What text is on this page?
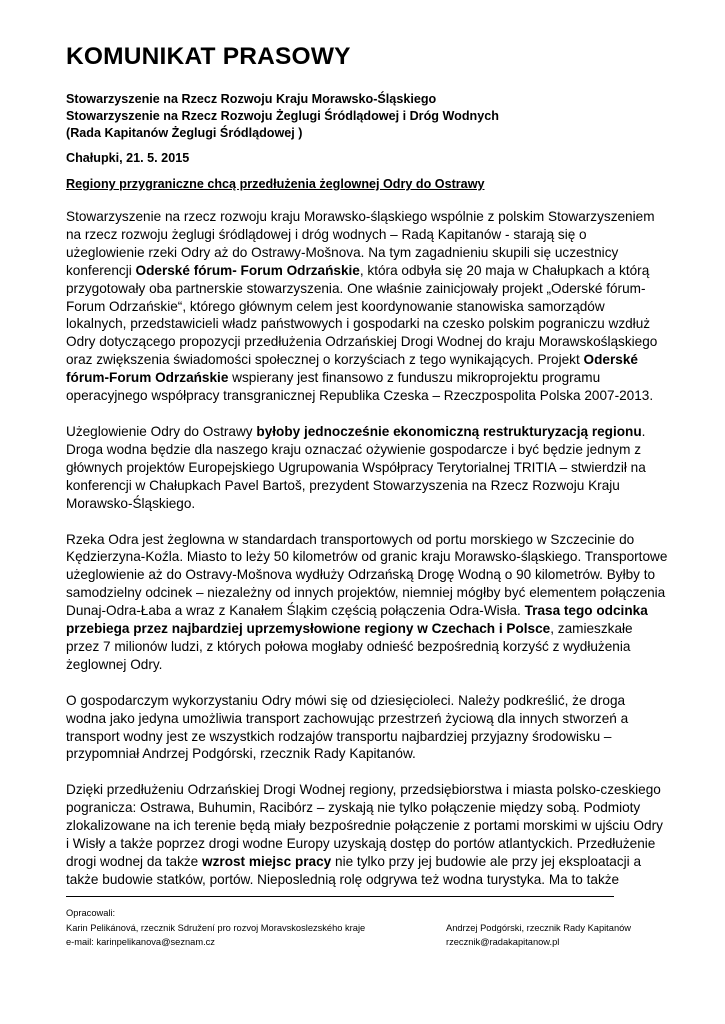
KOMUNIKAT PRASOWY
Stowarzyszenie na Rzecz Rozwoju Kraju Morawsko-Śląskiego
Stowarzyszenie na Rzecz Rozwoju Żeglugi Śródlądowej i Dróg Wodnych
(Rada Kapitanów Żeglugi Śródlądowej )
Chałupki, 21. 5. 2015
Regiony przygraniczne chcą przedłużenia żeglownej Odry do Ostrawy

Stowarzyszenie na rzecz rozwoju kraju Morawsko-śląskiego wspólnie z polskim Stowarzyszeniem na rzecz rozwoju żeglugi śródlądowej i dróg wodnych – Radą Kapitanów - starają się o użeglowienie rzeki Odry aż do Ostrawy-Mošnova. Na tym zagadnieniu skupili się uczestnicy konferencji Oderské fórum- Forum Odrzańskie, która odbyła się 20 maja w Chałupkach a którą przygotowały oba partnerskie stowarzyszenia. One właśnie zainicjowały projekt „Oderské fórum-Forum Odrzańskie“, którego głównym celem jest koordynowanie stanowiska samorządów lokalnych, przedstawicieli władz państwowych i gospodarki na czesko polskim pograniczu wzdłuż Odry dotyczącego propozycji przedłużenia Odrzańskiej Drogi Wodnej do kraju Morawskośląskiego oraz zwiększenia świadomości społecznej o korzyściach z tego wynikających. Projekt Oderské fórum-Forum Odrzańskie wspierany jest finansowo z funduszu mikroprojektu programu operacyjnego współpracy transgranicznej Republika Czeska – Rzeczpospolita Polska 2007-2013.

Użeglowienie Odry do Ostrawy byłoby jednocześnie ekonomiczną restrukturyzacją regionu. Droga wodna będzie dla naszego kraju oznaczać ożywienie gospodarcze i być będzie jednym z głównych projektów Europejskiego Ugrupowania Współpracy Terytorialnej TRITIA – stwierdził na konferencji w Chałupkach Pavel Bartoš, prezydent Stowarzyszenia na Rzecz Rozwoju Kraju Morawsko-Śląskiego.

Rzeka Odra jest żeglowna w standardach transportowych od portu morskiego w Szczecinie do Kędzierzyna-Koźla. Miasto to leży 50 kilometrów od granic kraju Morawsko-śląskiego. Transportowe użeglowienie aż do Ostravy-Mošnova wydłuży Odrzańską Drogę Wodną o 90 kilometrów. Byłby to samodzielny odcinek – niezależny od innych projektów, niemniej mógłby być elementem połączenia Dunaj-Odra-Łaba a wraz z Kanałem Śląkim częścią połączenia Odra-Wisła. Trasa tego odcinka przebiega przez najbardziej uprzemysłowione regiony w Czechach i Polsce, zamieszkałe przez 7 milionów ludzi, z których połowa mogłaby odnieść bezpośrednią korzyść z wydłużenia żeglownej Odry.

O gospodarczym wykorzystaniu Odry mówi się od dziesięcioleci. Należy podkreślić, że droga wodna jako jedyna umożliwia transport zachowując przestrzeń życiową dla innych stworzeń a transport wodny jest ze wszystkich rodzajów transportu najbardziej przyjazny środowisku – przypomniał Andrzej Podgórski, rzecznik Rady Kapitanów.

Dzięki przedłużeniu Odrzańskiej Drogi Wodnej regiony, przedsiębiorstwa i miasta polsko-czeskiego pogranicza: Ostrawa, Buhumin, Racibórz – zyskają nie tylko połączenie między sobą. Podmioty zlokalizowane na ich terenie będą miały bezpośrednie połączenie z portami morskimi w ujściu Odry i Wisły a także poprzez drogi wodne Europy uzyskają dostęp do portów atlantyckich. Przedłużenie drogi wodnej da także wzrost miejsc pracy nie tylko przy jej budowie ale przy jej eksploatacji a także budowie statków, portów. Nieposlednią rolę odgrywa też wodna turystyka. Ma to także

Opracowali:
Karin Pelikánová, rzecznik Sdružení pro rozvoj Moravskoslezského kraje	Andrzej Podgórski, rzecznik Rady Kapitanów
e-mail: karinpelikanova@seznam.cz	rzecznik@radakapitanow.pl
